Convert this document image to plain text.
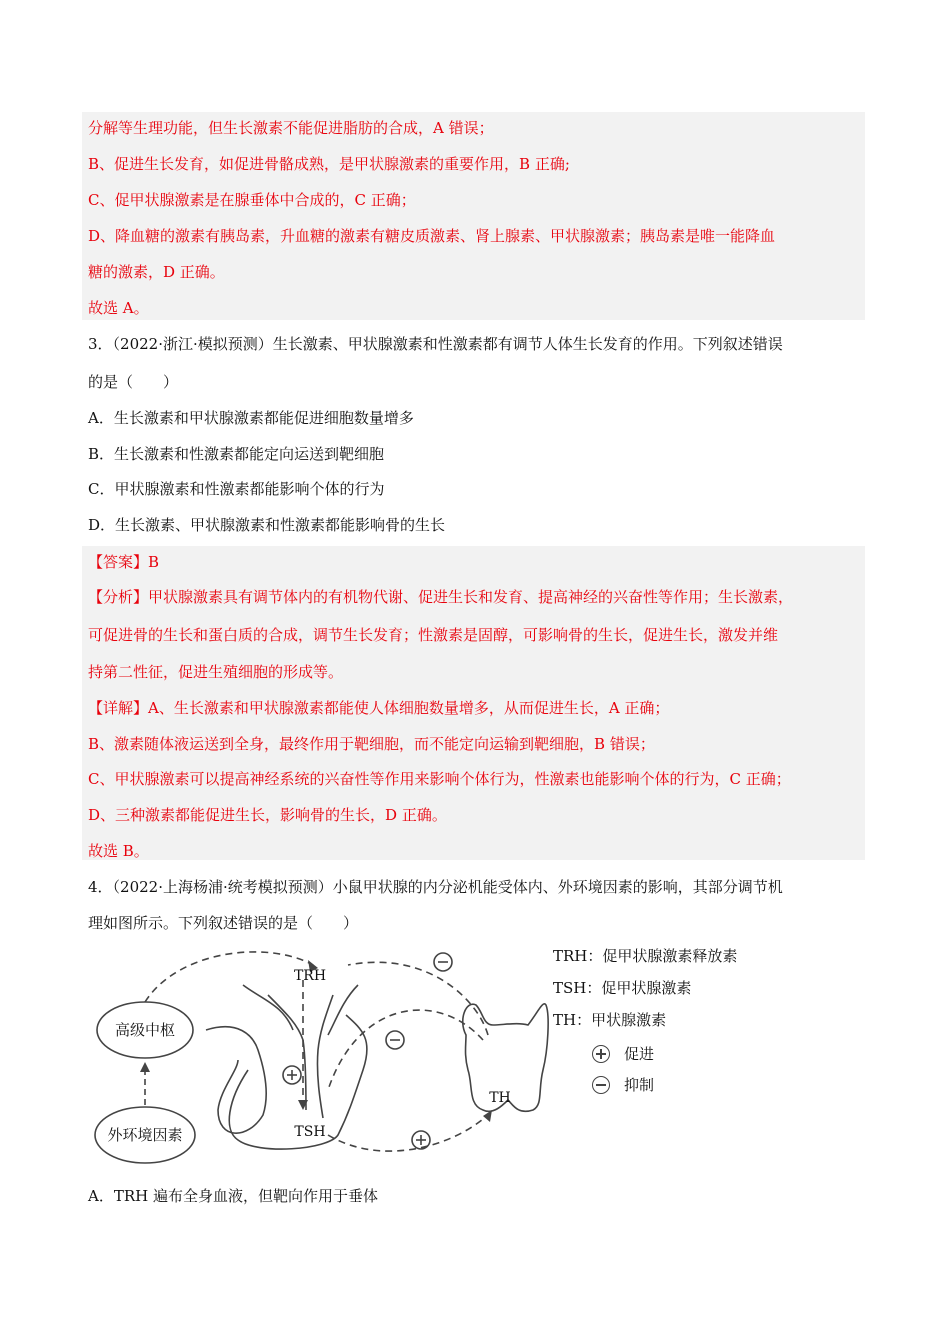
分解等生理功能，但生长激素不能促进脂肪的合成，A 错误；
B、促进生长发育，如促进骨骼成熟，是甲状腺激素的重要作用，B 正确;
C、促甲状腺激素是在腺垂体中合成的，C 正确；
D、降血糖的激素有胰岛素，升血糖的激素有糖皮质激素、肾上腺素、甲状腺激素；胰岛素是唯一能降血
糖的激素，D 正确。
故选 A。
3．（2022·浙江·模拟预测）生长激素、甲状腺激素和性激素都有调节人体生长发育的作用。下列叙述错误
的是（　　）
A．生长激素和甲状腺激素都能促进细胞数量增多
B．生长激素和性激素都能定向运送到靶细胞
C．甲状腺激素和性激素都能影响个体的行为
D．生长激素、甲状腺激素和性激素都能影响骨的生长
【答案】B
【分析】甲状腺激素具有调节体内的有机物代谢、促进生长和发育、提高神经的兴奋性等作用；生长激素，
可促进骨的生长和蛋白质的合成，调节生长发育；性激素是固醇，可影响骨的生长，促进生长，激发并维
持第二性征，促进生殖细胞的形成等。
【详解】A、生长激素和甲状腺激素都能使人体细胞数量增多，从而促进生长，A 正确；
B、激素随体液运送到全身，最终作用于靶细胞，而不能定向运输到靶细胞，B 错误；
C、甲状腺激素可以提高神经系统的兴奋性等作用来影响个体行为，性激素也能影响个体的行为，C 正确；
D、三种激素都能促进生长，影响骨的生长，D 正确。
故选 B。
4．（2022·上海杨浦·统考模拟预测）小鼠甲状腺的内分泌机能受体内、外环境因素的影响，其部分调节机
理如图所示。下列叙述错误的是（　　）
高级中枢
外环境因素
TRH
TSH
TH
TRH：促甲状腺激素释放素
TSH：促甲状腺激素
TH：甲状腺激素
促进
抑制
A．TRH 遍布全身血液，但靶向作用于垂体
